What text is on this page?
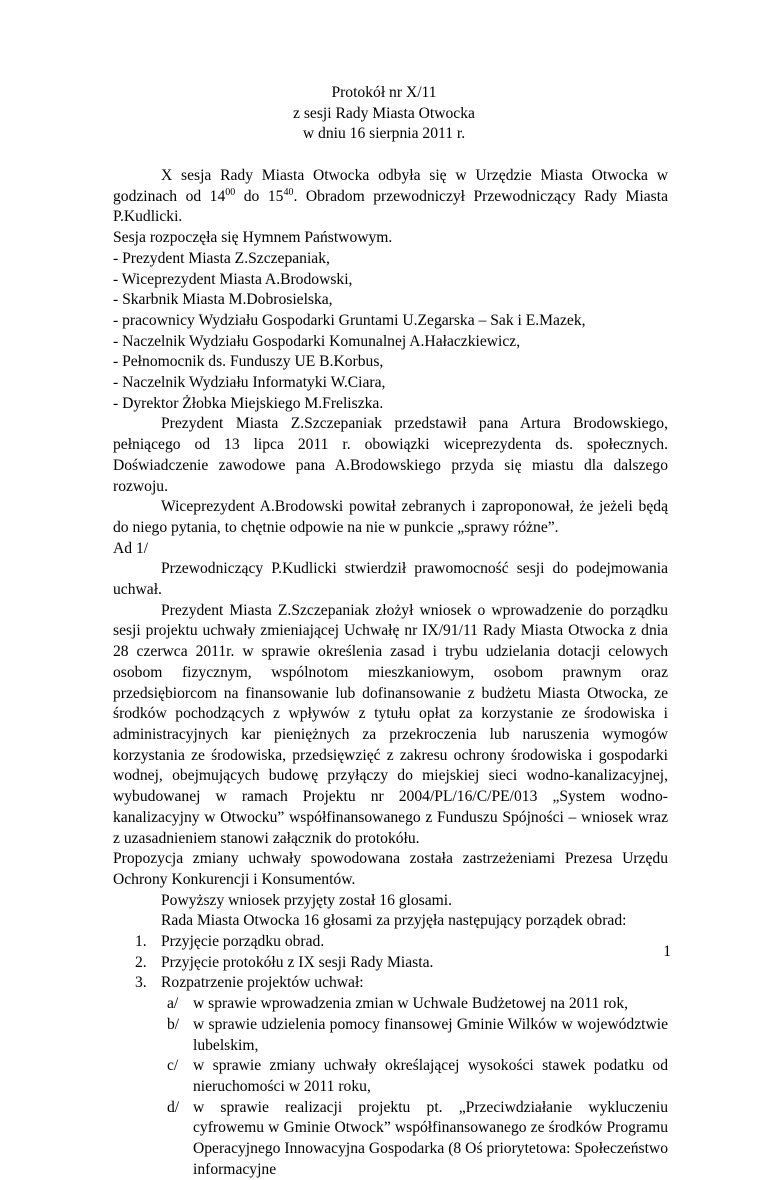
Protokół nr X/11
z sesji Rady Miasta Otwocka
w dniu 16 sierpnia 2011 r.

X sesja Rady Miasta Otwocka odbyła się w Urzędzie Miasta Otwocka w godzinach od $14^{00}$ do $15^{40}$. Obradom przewodniczył Przewodniczący Rady Miasta P.Kudlicki.

Sesja rozpoczęła się Hymnem Państwowym.

- Prezydent Miasta Z.Szczepaniak,

- Wiceprezydent Miasta A.Brodowski,

- Skarbnik Miasta M.Dobrosielska,

- pracownicy Wydziału Gospodarki Gruntami U.Zegarska – Sak i E.Mazek,

- Naczelnik Wydziału Gospodarki Komunalnej A.Hałaczkiewicz,

- Pełnomocnik ds. Funduszy UE B.Korbus,

- Naczelnik Wydziału Informatyki W.Ciara,

- Dyrektor Żłobka Miejskiego M.Freliszka.

Prezydent Miasta Z.Szczepaniak przedstawił pana Artura Brodowskiego, pełniącego od 13 lipca 2011 r. obowiązki wiceprezydenta ds. społecznych. Doświadczenie zawodowe pana A.Brodowskiego przyda się miastu dla dalszego rozwoju.

Wiceprezydent A.Brodowski powitał zebranych i zaproponował, że jeżeli będą do niego pytania, to chętnie odpowie na nie w punkcie „sprawy różne”.

Ad 1/

Przewodniczący P.Kudlicki stwierdził prawomocność sesji do podejmowania uchwał.

Prezydent Miasta Z.Szczepaniak złożył wniosek o wprowadzenie do porządku sesji projektu uchwały zmieniającej Uchwałę nr IX/91/11 Rady Miasta Otwocka z dnia 28 czerwca 2011r. w sprawie określenia zasad i trybu udzielania dotacji celowych osobom fizycznym, wspólnotom mieszkaniowym, osobom prawnym oraz przedsiębiorcom na finansowanie lub dofinansowanie z budżetu Miasta Otwocka, ze środków pochodzących z wpływów z tytułu opłat za korzystanie ze środowiska i administracyjnych kar pieniężnych za przekroczenia lub naruszenia wymogów korzystania ze środowiska, przedsięwzięć z zakresu ochrony środowiska i gospodarki wodnej, obejmujących budowę przyłączy do miejskiej sieci wodno-kanalizacyjnej, wybudowanej w ramach Projektu nr 2004/PL/16/C/PE/013 „System wodno-kanalizacyjny w Otwocku” współfinansowanego z Funduszu Spójności – wniosek wraz z uzasadnieniem stanowi załącznik do protokółu.

Propozycja zmiany uchwały spowodowana została zastrzeżeniami Prezesa Urzędu Ochrony Konkurencji i Konsumentów.

Powyższy wniosek przyjęty został 16 glosami.

Rada Miasta Otwocka 16 głosami za przyjęła następujący porządek obrad:

1. Przyjęcie porządku obrad.
2. Przyjęcie protokółu z IX sesji Rady Miasta.
3. Rozpatrzenie projektów uchwał:
a/ w sprawie wprowadzenia zmian w Uchwale Budżetowej na 2011 rok,
b/ w sprawie udzielenia pomocy finansowej Gminie Wilków w województwie lubelskim,
c/ w sprawie zmiany uchwały określającej wysokości stawek podatku od nieruchomości w 2011 roku,
d/ w sprawie realizacji projektu pt. „Przeciwdziałanie wykluczeniu cyfrowemu w Gminie Otwock” współfinansowanego ze środków Programu Operacyjnego Innowacyjna Gospodarka (8 Oś priorytetowa: Społeczeństwo informacyjne
1
